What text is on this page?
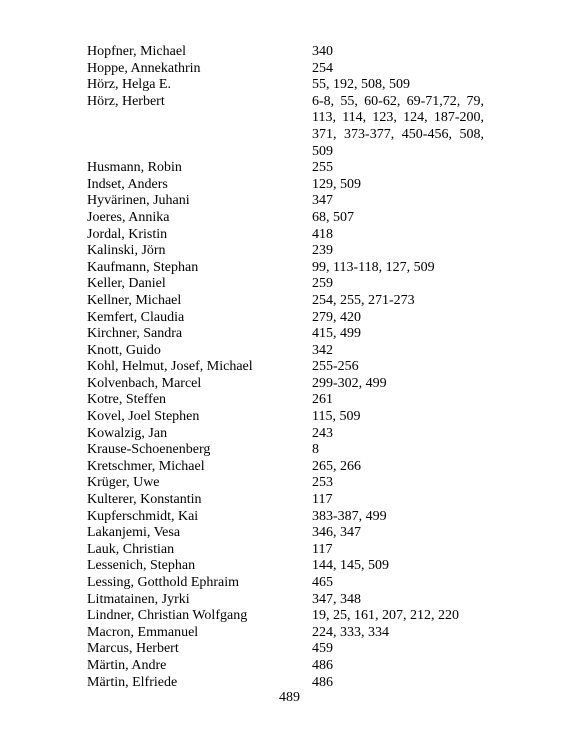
Hopfner, Michael	340
Hoppe, Annekathrin	254
Hörz, Helga E.	55, 192, 508, 509
Hörz, Herbert	6-8, 55, 60-62, 69-71,72, 79, 113, 114, 123, 124, 187-200, 371, 373-377, 450-456, 508, 509
Husmann, Robin	255
Indset, Anders	129, 509
Hyvärinen, Juhani	347
Joeres, Annika	68, 507
Jordal, Kristin	418
Kalinski, Jörn	239
Kaufmann, Stephan	99, 113-118, 127, 509
Keller, Daniel	259
Kellner, Michael	254, 255, 271-273
Kemfert, Claudia	279, 420
Kirchner, Sandra	415, 499
Knott, Guido	342
Kohl, Helmut, Josef, Michael	255-256
Kolvenbach, Marcel	299-302, 499
Kotre, Steffen	261
Kovel, Joel Stephen	115, 509
Kowalzig, Jan	243
Krause-Schoenenberg	8
Kretschmer, Michael	265, 266
Krüger, Uwe	253
Kulterer, Konstantin	117
Kupferschmidt, Kai	383-387, 499
Lakanjemi, Vesa	346, 347
Lauk, Christian	117
Lessenich, Stephan	144, 145, 509
Lessing, Gotthold Ephraim	465
Litmatainen, Jyrki	347, 348
Lindner, Christian Wolfgang	19, 25, 161, 207, 212, 220
Macron, Emmanuel	224, 333, 334
Marcus, Herbert	459
Märtin, Andre	486
Märtin, Elfriede	486
489
